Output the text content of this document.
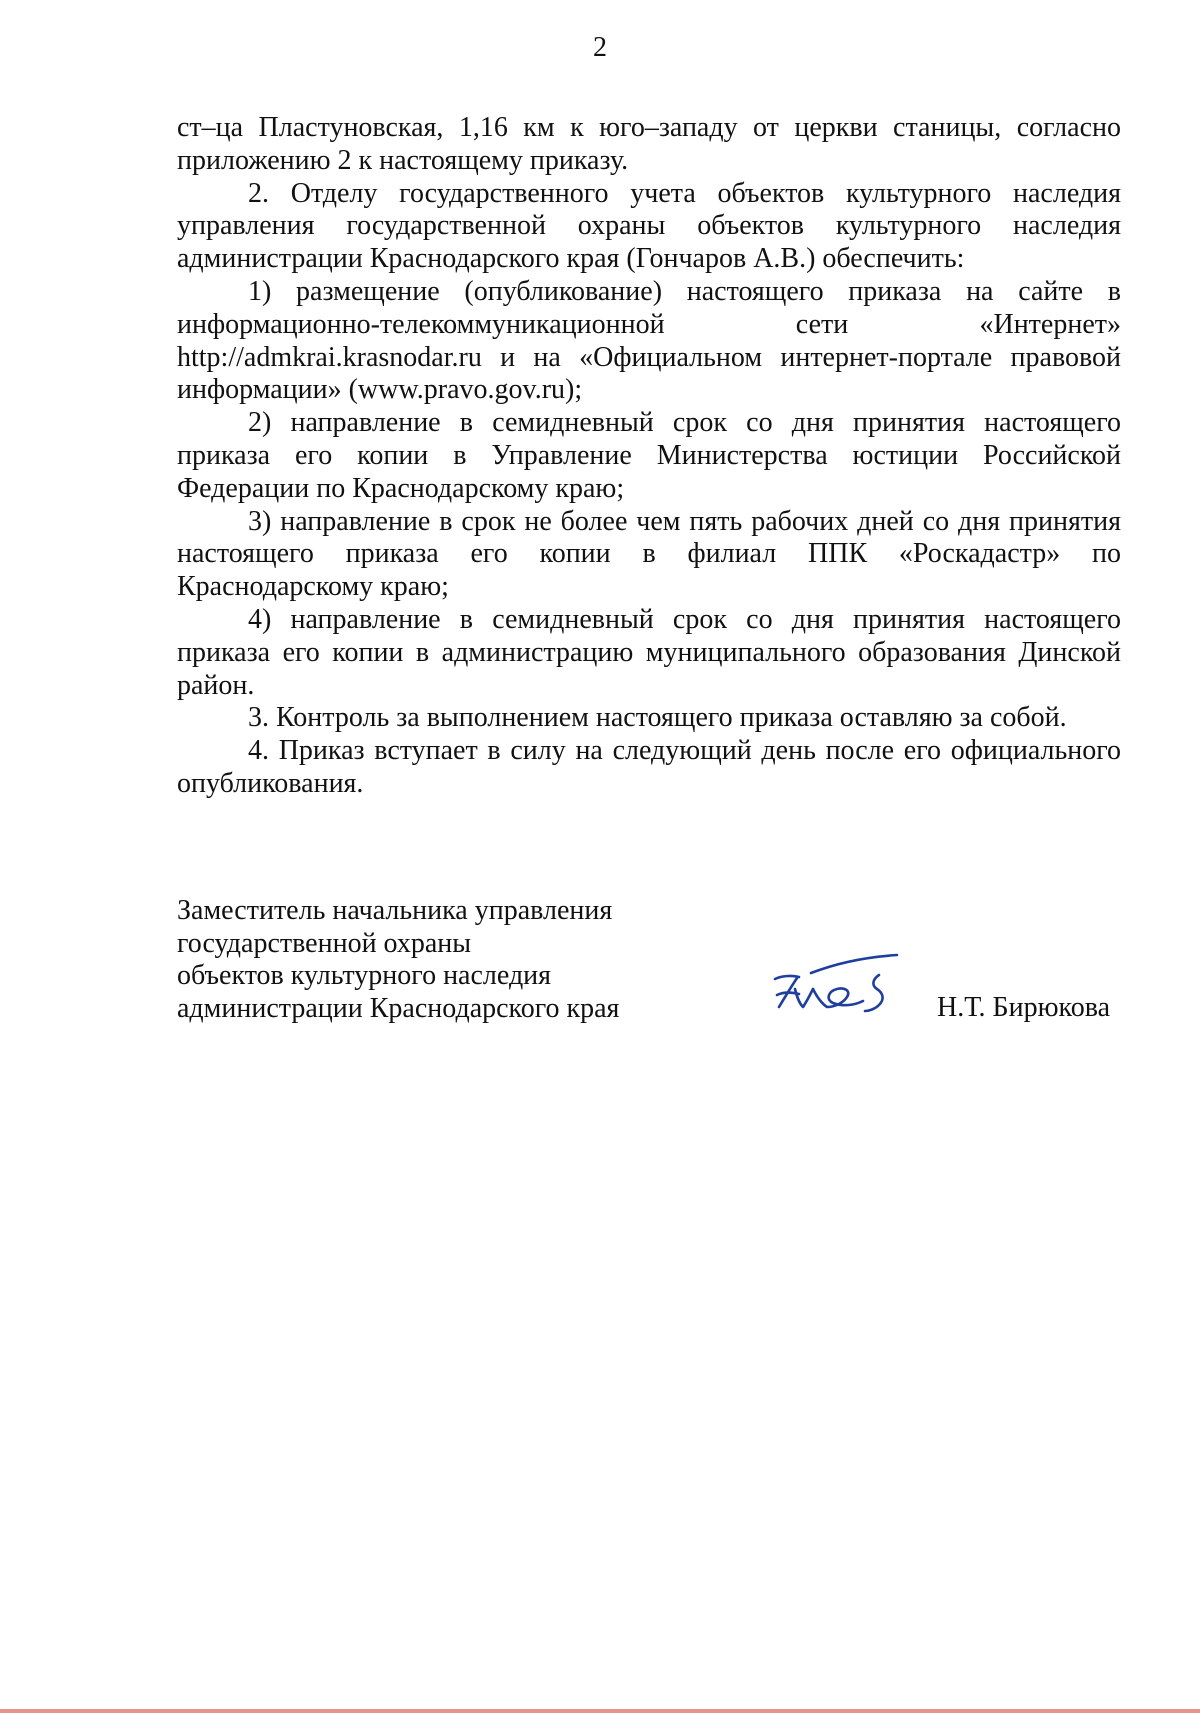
2

ст–ца Пластуновская, 1,16 км к юго–западу от церкви станицы, согласно приложению 2 к настоящему приказу.

2. Отделу государственного учета объектов культурного наследия управления государственной охраны объектов культурного наследия администрации Краснодарского края (Гончаров А.В.) обеспечить:

1) размещение (опубликование) настоящего приказа на сайте в информационно-телекоммуникационной сети «Интернет» http://admkrai.krasnodar.ru и на «Официальном интернет-портале правовой информации» (www.pravo.gov.ru);

2) направление в семидневный срок со дня принятия настоящего приказа его копии в Управление Министерства юстиции Российской Федерации по Краснодарскому краю;

3) направление в срок не более чем пять рабочих дней со дня принятия настоящего приказа его копии в филиал ППК «Роскадастр» по Краснодарскому краю;

4) направление в семидневный срок со дня принятия настоящего приказа его копии в администрацию муниципального образования Динской район.

3. Контроль за выполнением настоящего приказа оставляю за собой.

4. Приказ вступает в силу на следующий день после его официального опубликования.

Заместитель начальника управления
государственной охраны
объектов культурного наследия
администрации Краснодарского края	Н.Т. Бирюкова
